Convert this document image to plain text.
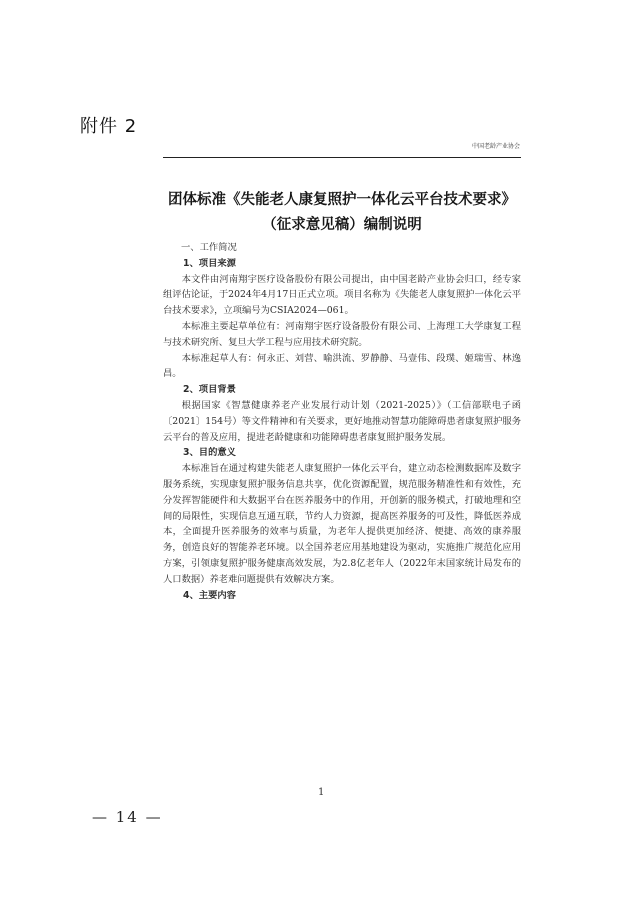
附件 2
中国老龄产业协会
团体标准《失能老人康复照护一体化云平台技术要求》
（征求意见稿）编制说明

一、工作简况

1、项目来源

本文件由河南翔宇医疗设备股份有限公司提出，由中国老龄产业协会归口，经专家组评估论证，于2024年4月17日正式立项。项目名称为《失能老人康复照护一体化云平台技术要求》，立项编号为CSIA2024—061。

本标准主要起草单位有：河南翔宇医疗设备股份有限公司、上海理工大学康复工程与技术研究所、复旦大学工程与应用技术研究院。

本标准起草人有：何永正、刘营、喻洪流、罗静静、马壹伟、段璞、姬瑞雪、林逸昌。

2、项目背景

根据国家《智慧健康养老产业发展行动计划（2021-2025）》（工信部联电子函〔2021〕154号）等文件精神和有关要求，更好地推动智慧功能障碍患者康复照护服务云平台的普及应用，提进老龄健康和功能障碍患者康复照护服务发展。

3、目的意义

本标准旨在通过构建失能老人康复照护一体化云平台，建立动态检测数据库及数字服务系统，实现康复照护服务信息共享，优化资源配置，规范服务精准性和有效性，充分发挥智能硬件和大数据平台在医养服务中的作用，开创新的服务模式，打破地理和空间的局限性，实现信息互通互联，节约人力资源，提高医养服务的可及性，降低医养成本，全面提升医养服务的效率与质量，为老年人提供更加经济、便捷、高效的康养服务，创造良好的智能养老环境。以全国养老应用基地建设为驱动，实施推广规范化应用方案，引领康复照护服务健康高效发展，为2.8亿老年人（2022年末国家统计局发布的人口数据）养老难问题提供有效解决方案。

4、主要内容

1
— 14 —
